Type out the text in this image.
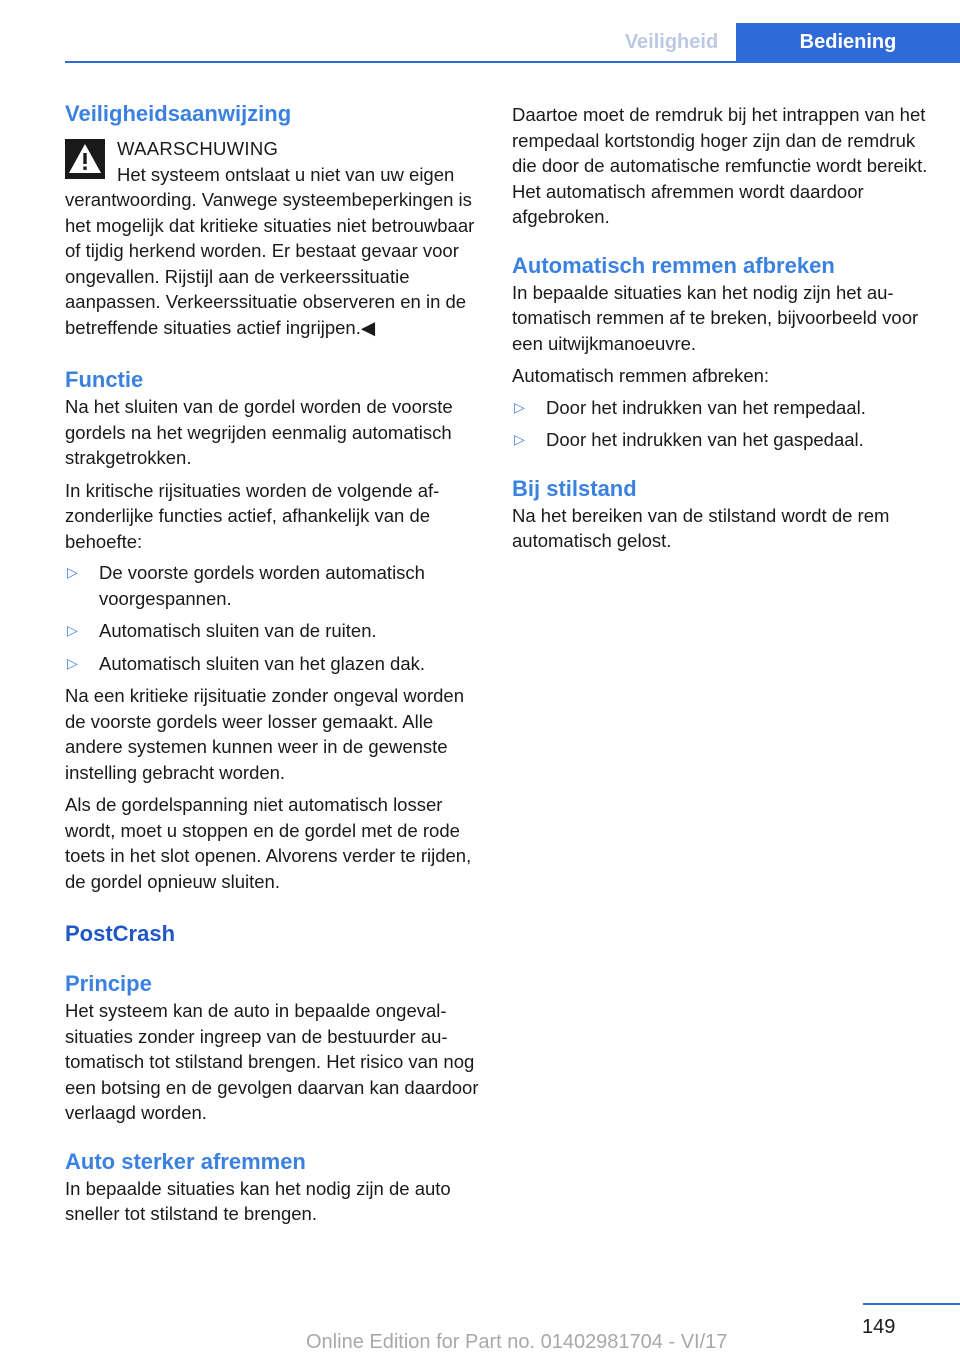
Veiligheid	Bediening
Veiligheidsaanwijzing
WAARSCHUWING

Het systeem ontslaat u niet van uw eigen verantwoording. Vanwege systeembeperkingen is het mogelijk dat kritieke situaties niet betrouwbaar of tijdig herkend worden. Er bestaat gevaar voor ongevallen. Rijstijl aan de verkeerssituatie aanpassen. Verkeerssituatie observeren en in de betreffende situaties actief ingrijpen.◀

Functie

Na het sluiten van de gordel worden de voorste gordels na het wegrijden eenmalig automatisch strakgetrokken.

In kritische rijsituaties worden de volgende afzonderlijke functies actief, afhankelijk van de behoefte:

▷	De voorste gordels worden automatisch voorgespannen.
▷	Automatisch sluiten van de ruiten.
▷	Automatisch sluiten van het glazen dak.

Na een kritieke rijsituatie zonder ongeval worden de voorste gordels weer losser gemaakt. Alle andere systemen kunnen weer in de gewenste instelling gebracht worden.

Als de gordelspanning niet automatisch losser wordt, moet u stoppen en de gordel met de rode toets in het slot openen. Alvorens verder te rijden, de gordel opnieuw sluiten.

PostCrash
Principe

Het systeem kan de auto in bepaalde ongevalsituaties zonder ingreep van de bestuurder automatisch tot stilstand brengen. Het risico van nog een botsing en de gevolgen daarvan kan daardoor verlaagd worden.

Auto sterker afremmen

In bepaalde situaties kan het nodig zijn de auto sneller tot stilstand te brengen.

Daartoe moet de remdruk bij het intrappen van het rempedaal kortstondig hoger zijn dan de remdruk die door de automatische remfunctie wordt bereikt. Het automatisch afremmen wordt daardoor afgebroken.

Automatisch remmen afbreken

In bepaalde situaties kan het nodig zijn het automatisch remmen af te breken, bijvoorbeeld voor een uitwijkmanoeuvre.

Automatisch remmen afbreken:

▷	Door het indrukken van het rempedaal.
▷	Door het indrukken van het gaspedaal.
Bij stilstand

Na het bereiken van de stilstand wordt de rem automatisch gelost.

149
Online Edition for Part no. 01402981704 - VI/17
